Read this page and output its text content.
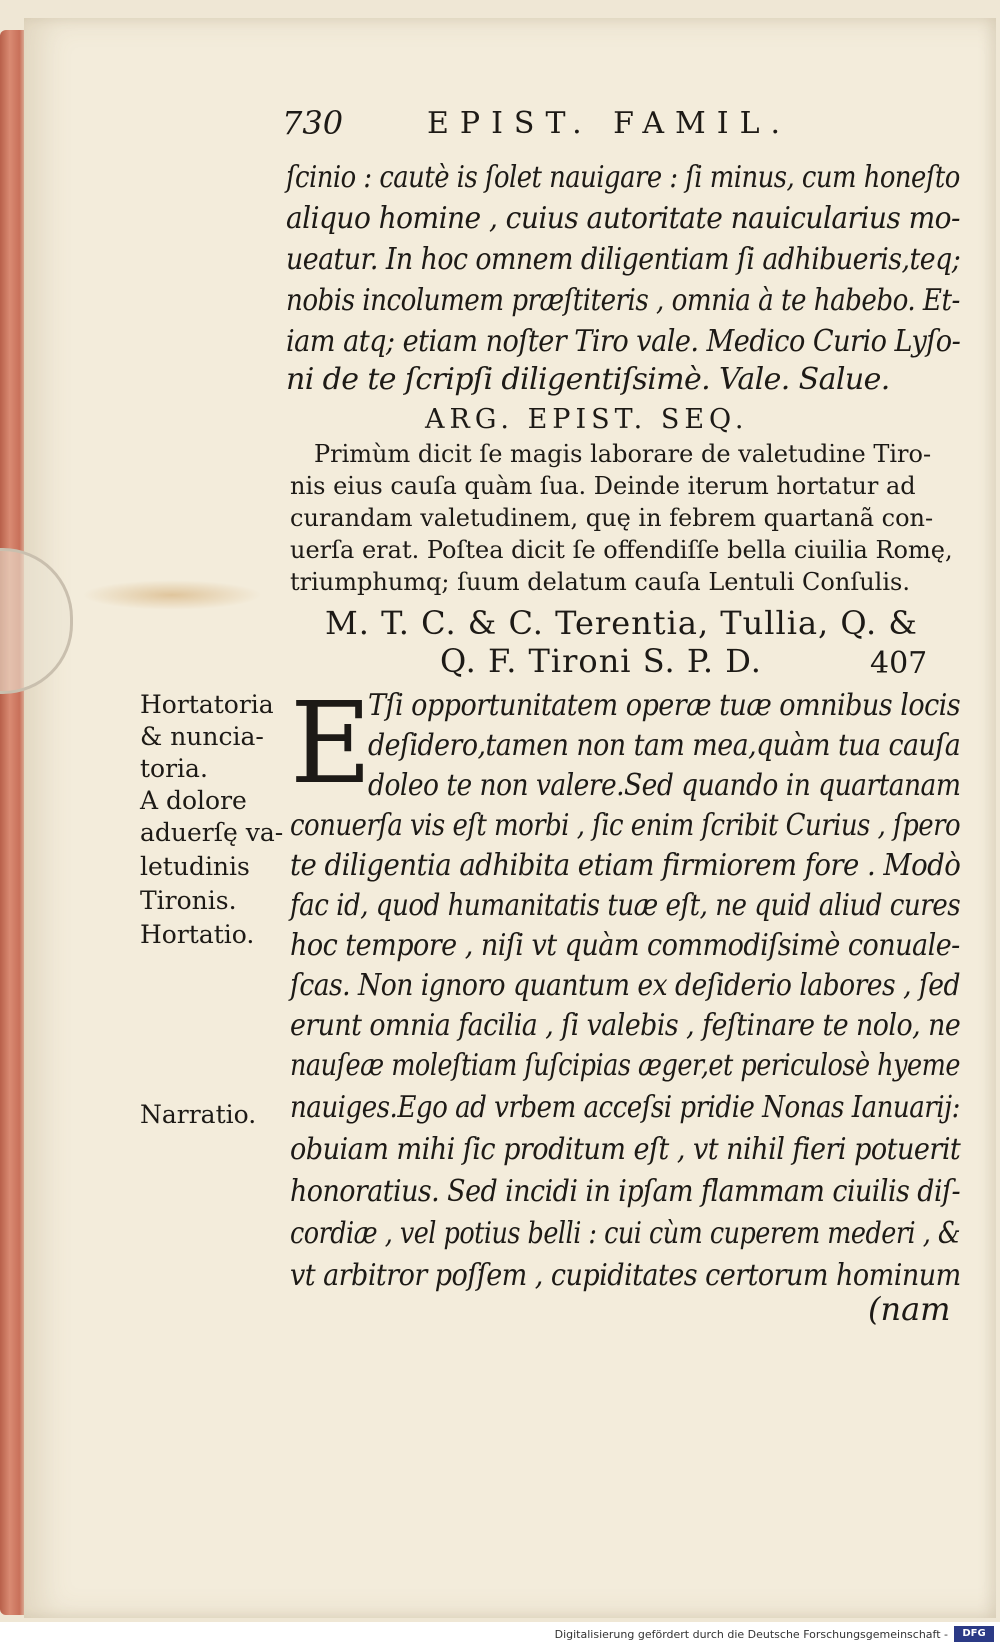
730	EPIST. FAMIL.
ſcinio : cautè is ſolet nauigare : ſi minus, cum honeſto
aliquo homine , cuius autoritate nauicularius mo-
ueatur. In hoc omnem diligentiam ſi adhibueris,teq;
nobis incolumem præſtiteris , omnia à te habebo. Et-
iam atq; etiam noſter Tiro vale. Medico Curio Lyſo-
ni de te ſcripſi diligentiſsimè. Vale. Salue.
ARG. EPIST. SEQ.
Primùm dicit ſe magis laborare de valetudine Tiro-
nis eius cauſa quàm ſua. Deinde iterum hortatur ad
curandam valetudinem, quę in febrem quartanã con-
uerſa erat. Poſtea dicit ſe offendiſſe bella ciuilia Romę,
triumphumq; ſuum delatum cauſa Lentuli Conſulis.
M. T. C. & C. Terentia, Tullia, Q. &
Q. F. Tironi S. P. D.	407
E
Tſi opportunitatem operæ tuæ omnibus locis
deſidero,tamen non tam mea,quàm tua cauſa
doleo te non valere.Sed quando in quartanam
conuerſa vis eſt morbi , ſic enim ſcribit Curius , ſpero
te diligentia adhibita etiam firmiorem fore . Modò
fac id, quod humanitatis tuæ eſt, ne quid aliud cures
hoc tempore , niſi vt quàm commodiſsimè conuale-
ſcas. Non ignoro quantum ex deſiderio labores , ſed
erunt omnia facilia , ſi valebis , feſtinare te nolo, ne
nauſeæ moleſtiam ſuſcipias æger,et periculosè hyeme
nauiges.Ego ad vrbem acceſsi pridie Nonas Ianuarij:
obuiam mihi ſic proditum eſt , vt nihil fieri potuerit
honoratius. Sed incidi in ipſam flammam ciuilis diſ-
cordiæ , vel potius belli : cui cùm cuperem mederi , &
vt arbitror poſſem , cupiditates certorum hominum
(nam
Hortatoria
& nuncia-
toria.
A dolore
aduerſę va-
letudinis
Tironis.
Hortatio.
Narratio.
Digitalisierung gefördert durch die Deutsche Forschungsgemeinschaft -	DFG
